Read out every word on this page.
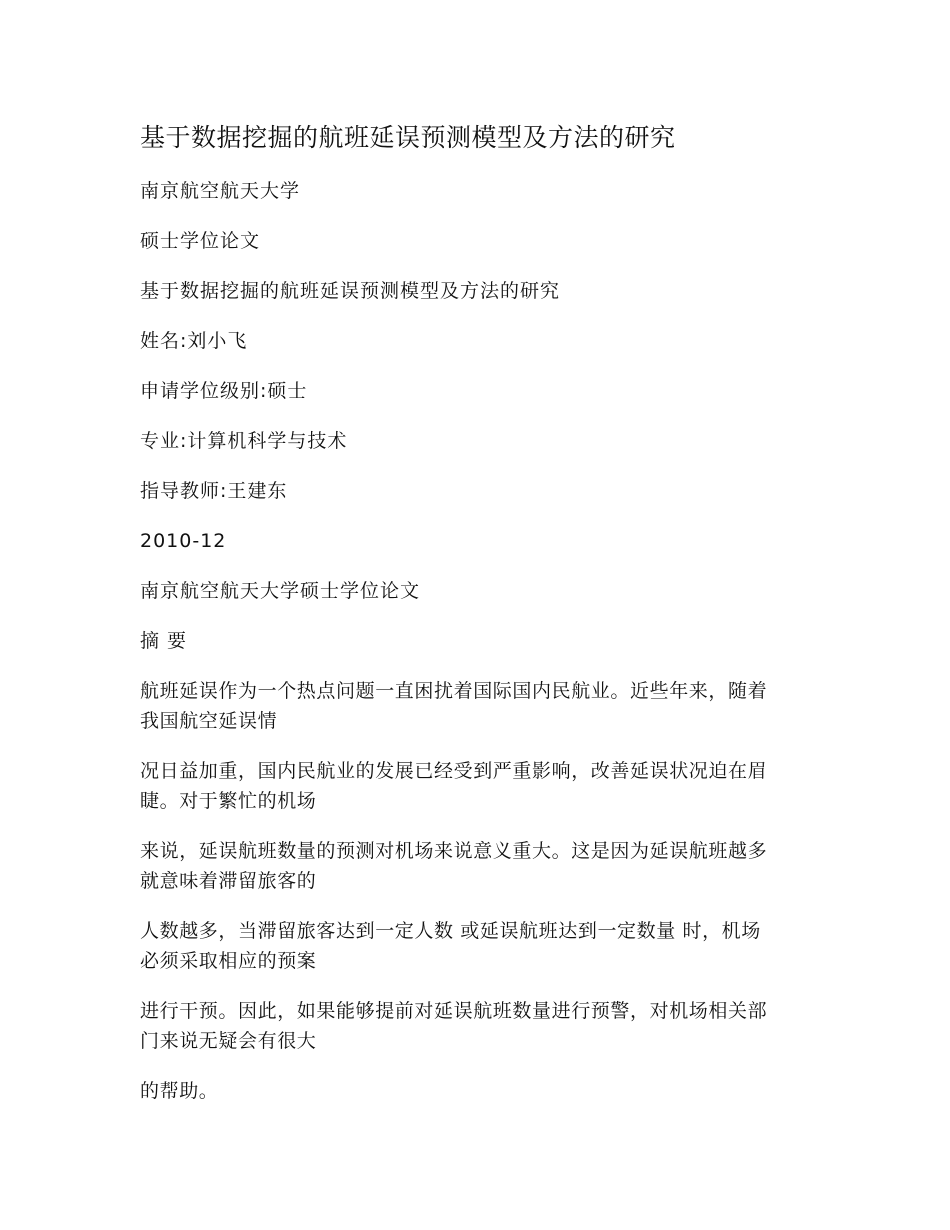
基于数据挖掘的航班延误预测模型及方法的研究
南京航空航天大学
硕士学位论文
基于数据挖掘的航班延误预测模型及方法的研究
姓名:刘小飞
申请学位级别:硕士
专业:计算机科学与技术
指导教师:王建东
2010-12
南京航空航天大学硕士学位论文
摘 要
航班延误作为一个热点问题一直困扰着国际国内民航业。近些年来，随着
我国航空延误情
况日益加重，国内民航业的发展已经受到严重影响，改善延误状况迫在眉
睫。对于繁忙的机场
来说，延误航班数量的预测对机场来说意义重大。这是因为延误航班越多
就意味着滞留旅客的
人数越多，当滞留旅客达到一定人数 或延误航班达到一定数量 时，机场
必须采取相应的预案
进行干预。因此，如果能够提前对延误航班数量进行预警，对机场相关部
门来说无疑会有很大
的帮助。
